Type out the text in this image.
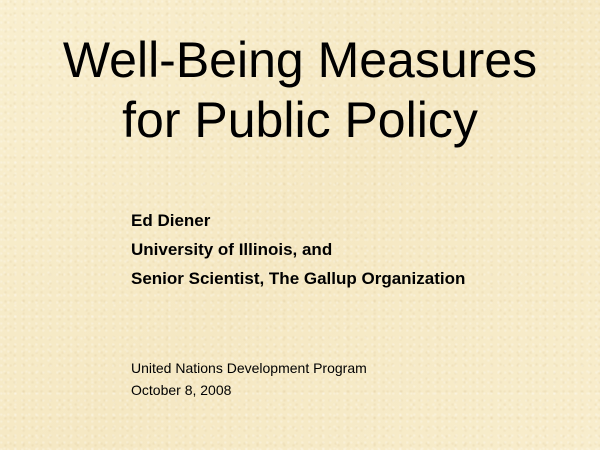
Well-Being Measures
for Public Policy
Ed Diener
University of Illinois, and
Senior Scientist, The Gallup Organization
United Nations Development Program
October 8, 2008
